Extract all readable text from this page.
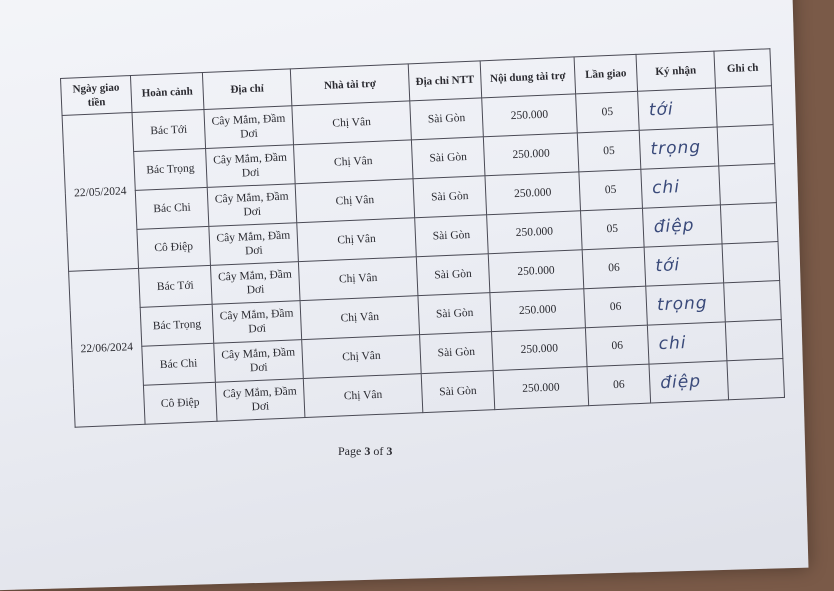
Ngày giao tiền	Hoàn cảnh	Địa chỉ	Nhà tài trợ	Địa chỉ NTT	Nội dung tài trợ	Lần giao	Ký nhận	Ghi ch
22/05/2024	Bác Tới	Cây Mắm, Đầm Dơi	Chị Vân	Sài Gòn	250.000	05	tới	
	Bác Trọng	Cây Mắm, Đầm Dơi	Chị Vân	Sài Gòn	250.000	05	trọng	
	Bác Chi	Cây Mắm, Đầm Dơi	Chị Vân	Sài Gòn	250.000	05	chi	
	Cô Điệp	Cây Mắm, Đầm Dơi	Chị Vân	Sài Gòn	250.000	05	điệp	
22/06/2024	Bác Tới	Cây Mắm, Đầm Dơi	Chị Vân	Sài Gòn	250.000	06	tới	
	Bác Trọng	Cây Mắm, Đầm Dơi	Chị Vân	Sài Gòn	250.000	06	trọng	
	Bác Chi	Cây Mắm, Đầm Dơi	Chị Vân	Sài Gòn	250.000	06	chi	
	Cô Điệp	Cây Mắm, Đầm Dơi	Chị Vân	Sài Gòn	250.000	06	điệp	
Page 3 of 3
